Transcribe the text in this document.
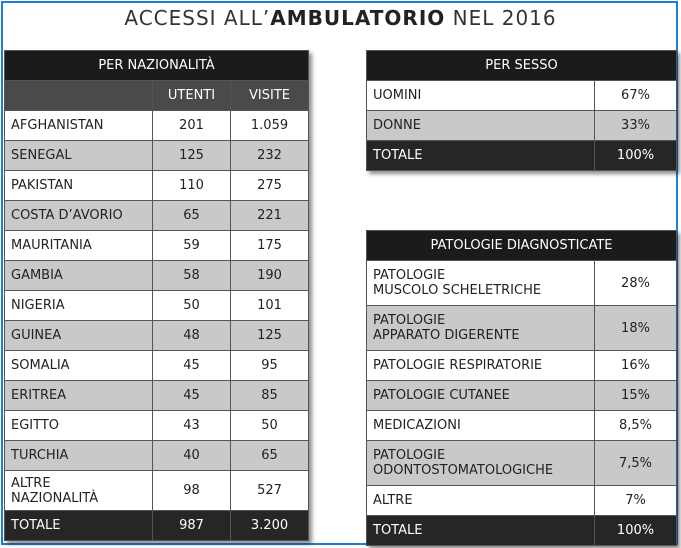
ACCESSI ALL’AMBULATORIO NEL 2016
PER NAZIONALITÀ		
	UTENTI	VISITE
AFGHANISTAN	201	1.059
SENEGAL	125	232
PAKISTAN	110	275
COSTA D’AVORIO	65	221
MAURITANIA	59	175
GAMBIA	58	190
NIGERIA	50	101
GUINEA	48	125
SOMALIA	45	95
ERITREA	45	85
EGITTO	43	50
TURCHIA	40	65
ALTRE
NAZIONALITÀ	98	527
TOTALE	987	3.200
PER SESSO	
UOMINI	67%
DONNE	33%
TOTALE	100%
PATOLOGIE DIAGNOSTICATE	
PATOLOGIE
MUSCOLO SCHELETRICHE	28%
PATOLOGIE
APPARATO DIGERENTE	18%
PATOLOGIE RESPIRATORIE	16%
PATOLOGIE CUTANEE	15%
MEDICAZIONI	8,5%
PATOLOGIE
ODONTOSTOMATOLOGICHE	7,5%
ALTRE	7%
TOTALE	100%
